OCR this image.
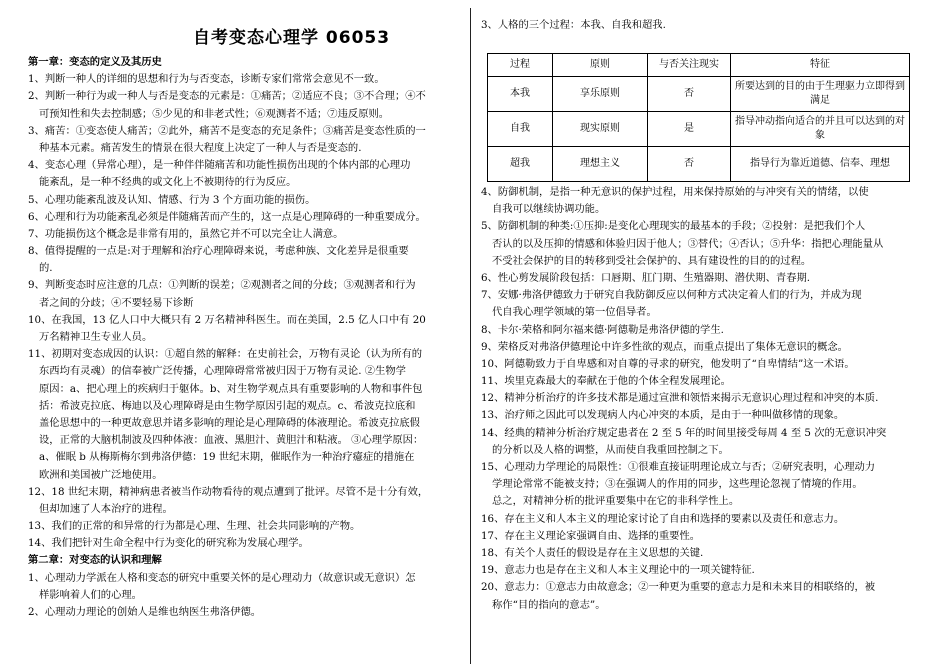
自考变态心理学 06053
第一章：变态的定义及其历史
1、判断一种人的详细的思想和行为与否变态，诊断专家们常常会意见不一致。
2、判断一种行为或一种人与否是变态的元素是：①痛苦；②适应不良；③不合理；④不
可预知性和失去控制感；⑤少见的和非老式性；⑥观测者不适；⑦违反原则。
3、痛苦：①变态使人痛苦；②此外，痛苦不是变态的充足条件；③痛苦是变态性质的一
种基本元素。痛苦发生的情景在很大程度上决定了一种人与否是变态的.
4、变态心理（异常心理），是一种伴伴随痛苦和功能性损伤出现的个体内部的心理功
能紊乱，是一种不经典的或文化上不被期待的行为反应。
5、心理功能紊乱波及认知、情感、行为 3 个方面功能的损伤。
6、心理和行为功能紊乱必须是伴随痛苦而产生的，这一点是心理障碍的一种重要成分。
7、功能损伤这个概念是非常有用的，虽然它并不可以完全让人满意。
8、值得提醒的一点是:对于理解和治疗心理障碍来说，考虑种族、文化差异是很重要
的.
9、判断变态时应注意的几点：①判断的误差；②观测者之间的分歧；③观测者和行为
者之间的分歧；④不要轻易下诊断
10、在我国，13 亿人口中大概只有 2 万名精神科医生。而在美国，2.5 亿人口中有 20
万名精神卫生专业人员。
11、初期对变态成因的认识：①超自然的解释：在史前社会，万物有灵论（认为所有的
东西均有灵魂）的信奉被广泛传播，心理障碍常常被归因于万物有灵论. ②生物学
原因：a、把心理上的疾病归于躯体。b、对生物学观点具有重要影响的人物和事件包
括：希波克拉底、梅迪以及心理障碍是由生物学原因引起的观点。c、希波克拉底和
盖伦思想中的一种更故意思并诸多影响的理论是心理障碍的体液理论。希波克拉底假
设，正常的大脑机制波及四种体液：血液、黑胆汁、黄胆汁和粘液。 ③心理学原因：
a、催眠 b 从梅斯梅尔到弗洛伊德：19 世纪末期，催眠作为一种治疗癔症的措施在
欧洲和美国被广泛地使用。
12、18 世纪末期，精神病患者被当作动物看待的观点遭到了批评。尽管不是十分有效，
但却加速了人本治疗的进程。
13、我们的正常的和异常的行为都是心理、生理、社会共同影响的产物。
14、我们把针对生命全程中行为变化的研究称为发展心理学。
第二章：对变态的认识和理解
1、心理动力学派在人格和变态的研究中重要关怀的是心理动力（故意识或无意识）怎
样影响着人们的心理。
2、心理动力理论的创始人是维也纳医生弗洛伊德。
3、人格的三个过程：本我、自我和超我.
过程	原则	与否关注现实	特征
本我	享乐原则	否	所要达到的目的由于生理驱力立即得到满足
自我	现实原则	是	指导冲动指向适合的并且可以达到的对象
超我	理想主义	否	指导行为靠近道德、信奉、理想
4、防御机制，是指一种无意识的保护过程，用来保持原始的与冲突有关的情绪，以使
自我可以继续协调功能。
5、防御机制的种类:①压抑:是变化心理现实的最基本的手段；②投射：是把我们个人
否认的以及压抑的情感和体验归因于他人；③替代；④否认；⑤升华：指把心理能量从
不受社会保护的目的转移到受社会保护的、具有建设性的目的的过程。
6、性心剪发展阶段包括：口唇期、肛门期、生殖器期、潜伏期、青春期.
7、安娜·弗洛伊德致力于研究自我防御反应以何种方式决定着人们的行为，并成为现
代自我心理学领域的第一位倡导者。
8、卡尔·荣格和阿尔福来德·阿德勒是弗洛伊德的学生.
9、荣格反对弗洛伊德理论中许多性欲的观点，而重点提出了集体无意识的概念。
10、阿德勒致力于自卑感和对自尊的寻求的研究，他发明了“自卑情结”这一术语。
11、埃里克森最大的奉献在于他的个体全程发展理论。
12、精神分析治疗的许多技术都是通过宣泄和领悟来揭示无意识心理过程和冲突的本质.
13、治疗师之因此可以发现病人内心冲突的本质，是由于一种叫做移情的现象。
14、经典的精神分析治疗规定患者在 2 至 5 年的时间里接受每周 4 至 5 次的无意识冲突
的分析以及人格的调整，从而使自我重回控制之下。
15、心理动力学理论的局限性：①很难直接证明理论成立与否；②研究表明，心理动力
学理论常常不能被支持；③在强调人的作用的同步，这些理论忽视了情境的作用。
总之，对精神分析的批评重要集中在它的非科学性上。
16、存在主义和人本主义的理论家讨论了自由和选择的要素以及责任和意志力。
17、存在主义理论家强调自由、选择的重要性。
18、有关个人责任的假设是存在主义思想的关键.
19、意志力也是存在主义和人本主义理论中的一项关键特征.
20、意志力：①意志力由故意念；②一种更为重要的意志力是和未来目的相联络的，被
称作“目的指向的意志”。
